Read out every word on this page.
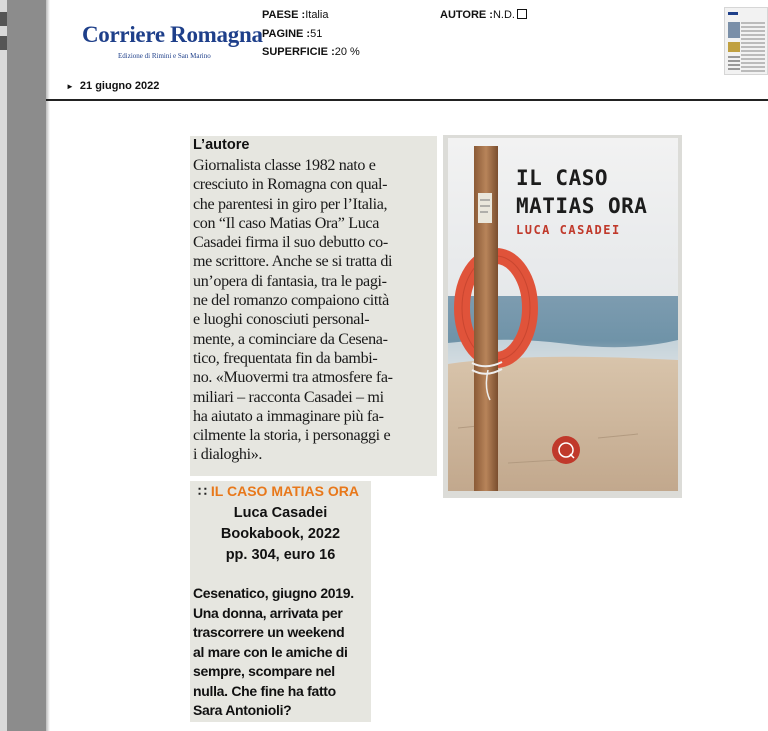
Corriere Romagna
Edizione di Rimini e San Marino
PAESE :Italia
PAGINE :51
SUPERFICIE :20 %
AUTORE :N.D.
► 21 giugno 2022
L’autore
Giornalista classe 1982 nato e
cresciuto in Romagna con qual-
che parentesi in giro per l’Italia,
con “Il caso Matias Ora” Luca
Casadei firma il suo debutto co-
me scrittore. Anche se si tratta di
un’opera di fantasia, tra le pagi-
ne del romanzo compaiono città
e luoghi conosciuti personal-
mente, a cominciare da Cesena-
tico, frequentata fin da bambi-
no. «Muovermi tra atmosfere fa-
miliari – racconta Casadei – mi
ha aiutato a immaginare più fa-
cilmente la storia, i personaggi e
i dialoghi».
∷ IL CASO MATIAS ORA
Luca Casadei
Bookabook, 2022
pp. 304, euro 16
Cesenatico, giugno 2019.
Una donna, arrivata per
trascorrere un weekend
al mare con le amiche di
sempre, scompare nel
nulla. Che fine ha fatto
Sara Antonioli?
IL CASO
MATIAS ORA
LUCA CASADEI
